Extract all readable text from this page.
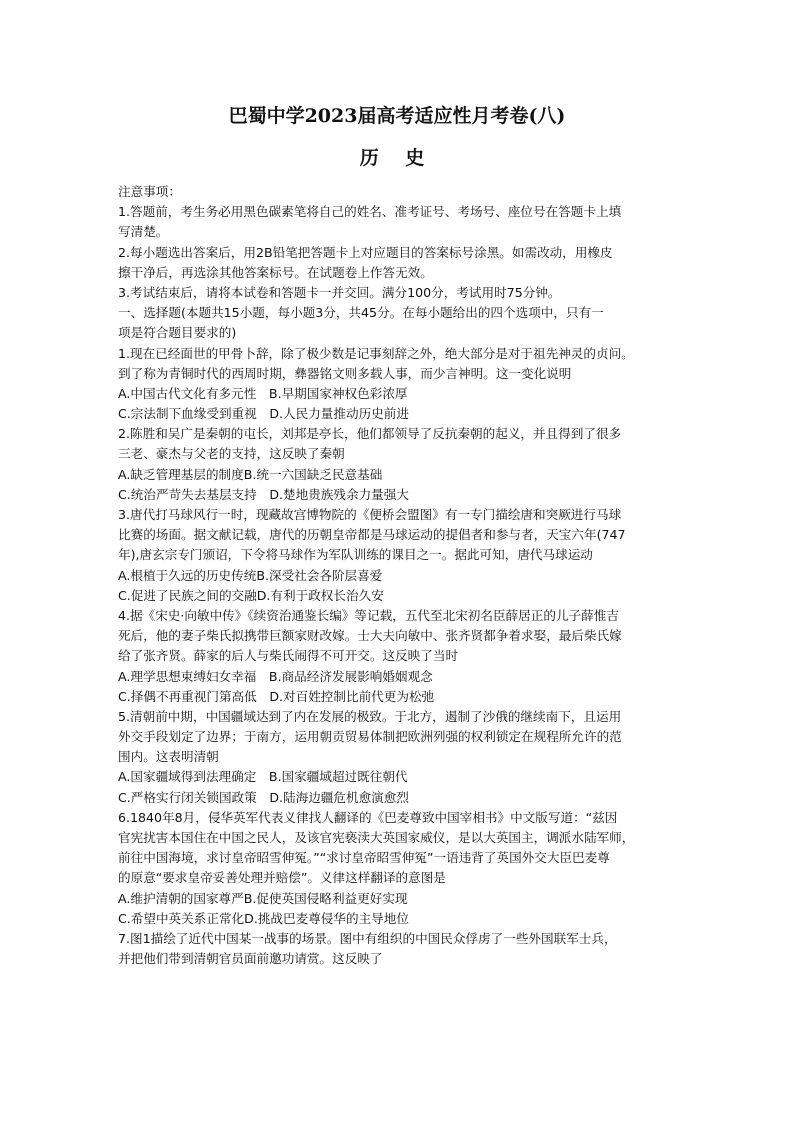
巴蜀中学2023届高考适应性月考卷(八)
历 史
注意事项：
1.答题前，考生务必用黑色碳素笔将自己的姓名、准考证号、考场号、座位号在答题卡上填
写清楚。
2.每小题选出答案后，用2B铅笔把答题卡上对应题目的答案标号涂黑。如需改动，用橡皮
擦干净后，再选涂其他答案标号。在试题卷上作答无效。
3.考试结束后，请将本试卷和答题卡一并交回。满分100分，考试用时75分钟。
一、选择题(本题共15小题，每小题3分，共45分。在每小题给出的四个选项中，只有一
项是符合题目要求的)
1.现在已经面世的甲骨卜辞，除了极少数是记事刻辞之外，绝大部分是对于祖先神灵的贞问。
到了称为青铜时代的西周时期，彝器铭文则多载人事，而少言神明。这一变化说明
A.中国古代文化有多元性　B.早期国家神权色彩浓厚
C.宗法制下血缘受到重视　D.人民力量推动历史前进
2.陈胜和吴广是秦朝的屯长，刘邦是亭长，他们都领导了反抗秦朝的起义，并且得到了很多
三老、豪杰与父老的支持，这反映了秦朝
A.缺乏管理基层的制度B.统一六国缺乏民意基础
C.统治严苛失去基层支持　D.楚地贵族残余力量强大
3.唐代打马球风行一时，现藏故宫博物院的《便桥会盟图》有一专门描绘唐和突厥进行马球
比赛的场面。据文献记载，唐代的历朝皇帝都是马球运动的提倡者和参与者，天宝六年(747
年),唐玄宗专门颁诏，下令将马球作为军队训练的课目之一。据此可知，唐代马球运动
A.根植于久远的历史传统B.深受社会各阶层喜爱
C.促进了民族之间的交融D.有利于政权长治久安
4.据《宋史·向敏中传》《续资治通鉴长编》等记载，五代至北宋初名臣薛居正的儿子薛惟吉
死后，他的妻子柴氏拟携带巨额家财改嫁。士大夫向敏中、张齐贤都争着求娶，最后柴氏嫁
给了张齐贤。薛家的后人与柴氏闹得不可开交。这反映了当时
A.理学思想束缚妇女幸福　B.商品经济发展影响婚姻观念
C.择偶不再重视门第高低　D.对百姓控制比前代更为松弛
5.清朝前中期，中国疆域达到了内在发展的极致。于北方，遏制了沙俄的继续南下，且运用
外交手段划定了边界；于南方，运用朝贡贸易体制把欧洲列强的权利锁定在规程所允许的范
围内。这表明清朝
A.国家疆域得到法理确定　B.国家疆域超过既往朝代
C.严格实行闭关锁国政策　D.陆海边疆危机愈演愈烈
6.1840年8月，侵华英军代表义律找人翻译的《巴麦尊致中国宰相书》中文版写道：“兹因
官宪扰害本国住在中国之民人，及该官宪亵渎大英国家威仪，是以大英国主，调派水陆军师，
前往中国海境，求讨皇帝昭雪伸冤。”“求讨皇帝昭雪伸冤”一语违背了英国外交大臣巴麦尊
的原意“要求皇帝妥善处理并赔偿”。义律这样翻译的意图是
A.维护清朝的国家尊严B.促使英国侵略利益更好实现
C.希望中英关系正常化D.挑战巴麦尊侵华的主导地位
7.图1描绘了近代中国某一战事的场景。图中有组织的中国民众俘虏了一些外国联军士兵，
并把他们带到清朝官员面前邀功请赏。这反映了
